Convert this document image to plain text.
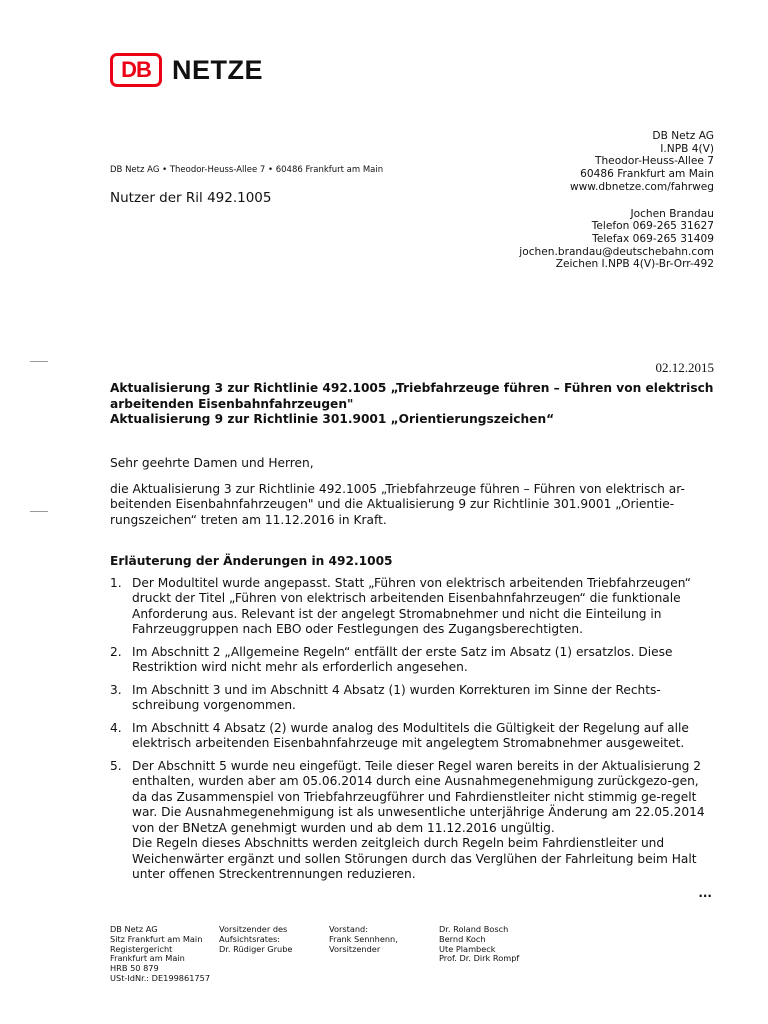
DB NETZE
DB Netz AG • Theodor-Heuss-Allee 7 • 60486 Frankfurt am Main
Nutzer der Ril 492.1005
DB Netz AG
I.NPB 4(V)
Theodor-Heuss-Allee 7
60486 Frankfurt am Main
www.dbnetze.com/fahrweg
Jochen Brandau
Telefon 069-265 31627
Telefax 069-265 31409
jochen.brandau@deutschebahn.com
Zeichen I.NPB 4(V)-Br-Orr-492
02.12.2015
Aktualisierung 3 zur Richtlinie 492.1005 „Triebfahrzeuge führen – Führen von elektrisch
arbeitenden Eisenbahnfahrzeugen"
Aktualisierung 9 zur Richtlinie 301.9001 „Orientierungszeichen“

Sehr geehrte Damen und Herren,

die Aktualisierung 3 zur Richtlinie 492.1005 „Triebfahrzeuge führen – Führen von elektrisch ar-beitenden Eisenbahnfahrzeugen" und die Aktualisierung 9 zur Richtlinie 301.9001 „Orientie-rungszeichen“ treten am 11.12.2016 in Kraft.

Erläuterung der Änderungen in 492.1005

1. Der Modultitel wurde angepasst. Statt „Führen von elektrisch arbeitenden Triebfahrzeugen“ druckt der Titel „Führen von elektrisch arbeitenden Eisenbahnfahrzeugen“ die funktionale Anforderung aus. Relevant ist der angelegt Stromabnehmer und nicht die Einteilung in Fahrzeuggruppen nach EBO oder Festlegungen des Zugangsberechtigten.
2. Im Abschnitt 2 „Allgemeine Regeln“ entfällt der erste Satz im Absatz (1) ersatzlos. Diese Restriktion wird nicht mehr als erforderlich angesehen.
3. Im Abschnitt 3 und im Abschnitt 4 Absatz (1) wurden Korrekturen im Sinne der Rechts-schreibung vorgenommen.
4. Im Abschnitt 4 Absatz (2) wurde analog des Modultitels die Gültigkeit der Regelung auf alle elektrisch arbeitenden Eisenbahnfahrzeuge mit angelegtem Stromabnehmer ausgeweitet.
5. Der Abschnitt 5 wurde neu eingefügt. Teile dieser Regel waren bereits in der Aktualisierung 2 enthalten, wurden aber am 05.06.2014 durch eine Ausnahmegenehmigung zurückgezo-gen, da das Zusammenspiel von Triebfahrzeugführer und Fahrdienstleiter nicht stimmig ge-regelt war. Die Ausnahmegenehmigung ist als unwesentliche unterjährige Änderung am 22.05.2014 von der BNetzA genehmigt wurden und ab dem 11.12.2016 ungültig.
Die Regeln dieses Abschnitts werden zeitgleich durch Regeln beim Fahrdienstleiter und Weichenwärter ergänzt und sollen Störungen durch das Verglühen der Fahrleitung beim Halt unter offenen Streckentrennungen reduzieren.
...
DB Netz AG
Sitz Frankfurt am Main
Registergericht
Frankfurt am Main
HRB 50 879
USt-IdNr.: DE199861757
Vorsitzender des
Aufsichtsrates:
Dr. Rüdiger Grube
Vorstand:
Frank Sennhenn,
Vorsitzender
Dr. Roland Bosch
Bernd Koch
Ute Plambeck
Prof. Dr. Dirk Rompf
